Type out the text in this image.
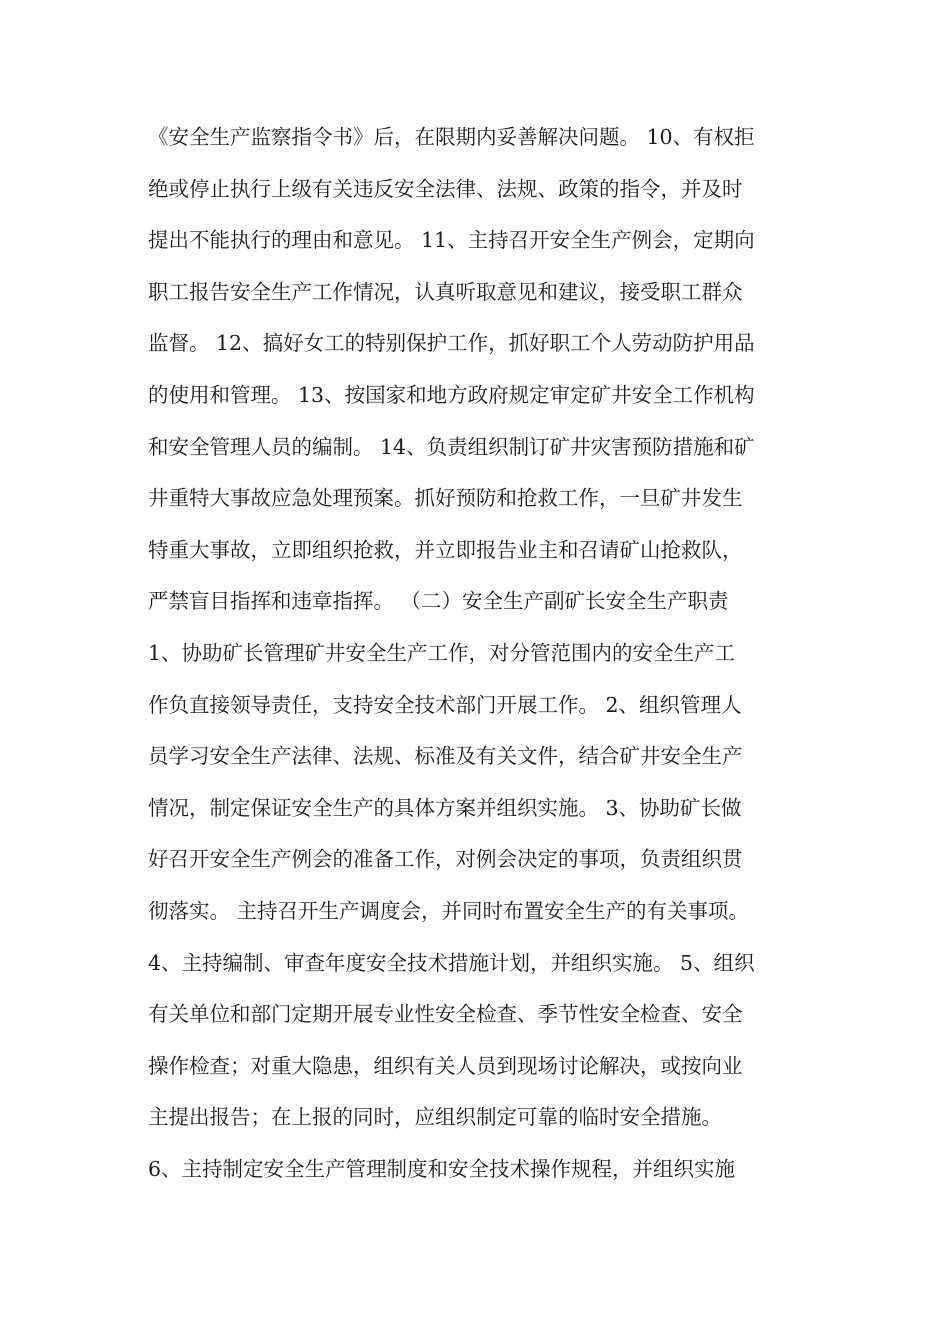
《安全生产监察指令书》后，在限期内妥善解决问题。 10、有权拒
绝或停止执行上级有关违反安全法律、法规、政策的指令，并及时
提出不能执行的理由和意见。 11、主持召开安全生产例会，定期向
职工报告安全生产工作情况，认真听取意见和建议，接受职工群众
监督。 12、搞好女工的特别保护工作，抓好职工个人劳动防护用品
的使用和管理。 13、按国家和地方政府规定审定矿井安全工作机构
和安全管理人员的编制。 14、负责组织制订矿井灾害预防措施和矿
井重特大事故应急处理预案。抓好预防和抢救工作，一旦矿井发生
特重大事故，立即组织抢救，并立即报告业主和召请矿山抢救队，
严禁盲目指挥和违章指挥。 （二）安全生产副矿长安全生产职责
1、协助矿长管理矿井安全生产工作，对分管范围内的安全生产工
作负直接领导责任，支持安全技术部门开展工作。 2、组织管理人
员学习安全生产法律、法规、标准及有关文件，结合矿井安全生产
情况，制定保证安全生产的具体方案并组织实施。 3、协助矿长做
好召开安全生产例会的准备工作，对例会决定的事项，负责组织贯
彻落实。 主持召开生产调度会，并同时布置安全生产的有关事项。
4、主持编制、审查年度安全技术措施计划，并组织实施。 5、组织
有关单位和部门定期开展专业性安全检查、季节性安全检查、安全
操作检查；对重大隐患，组织有关人员到现场讨论解决，或按向业
主提出报告；在上报的同时，应组织制定可靠的临时安全措施。
6、主持制定安全生产管理制度和安全技术操作规程，并组织实施
